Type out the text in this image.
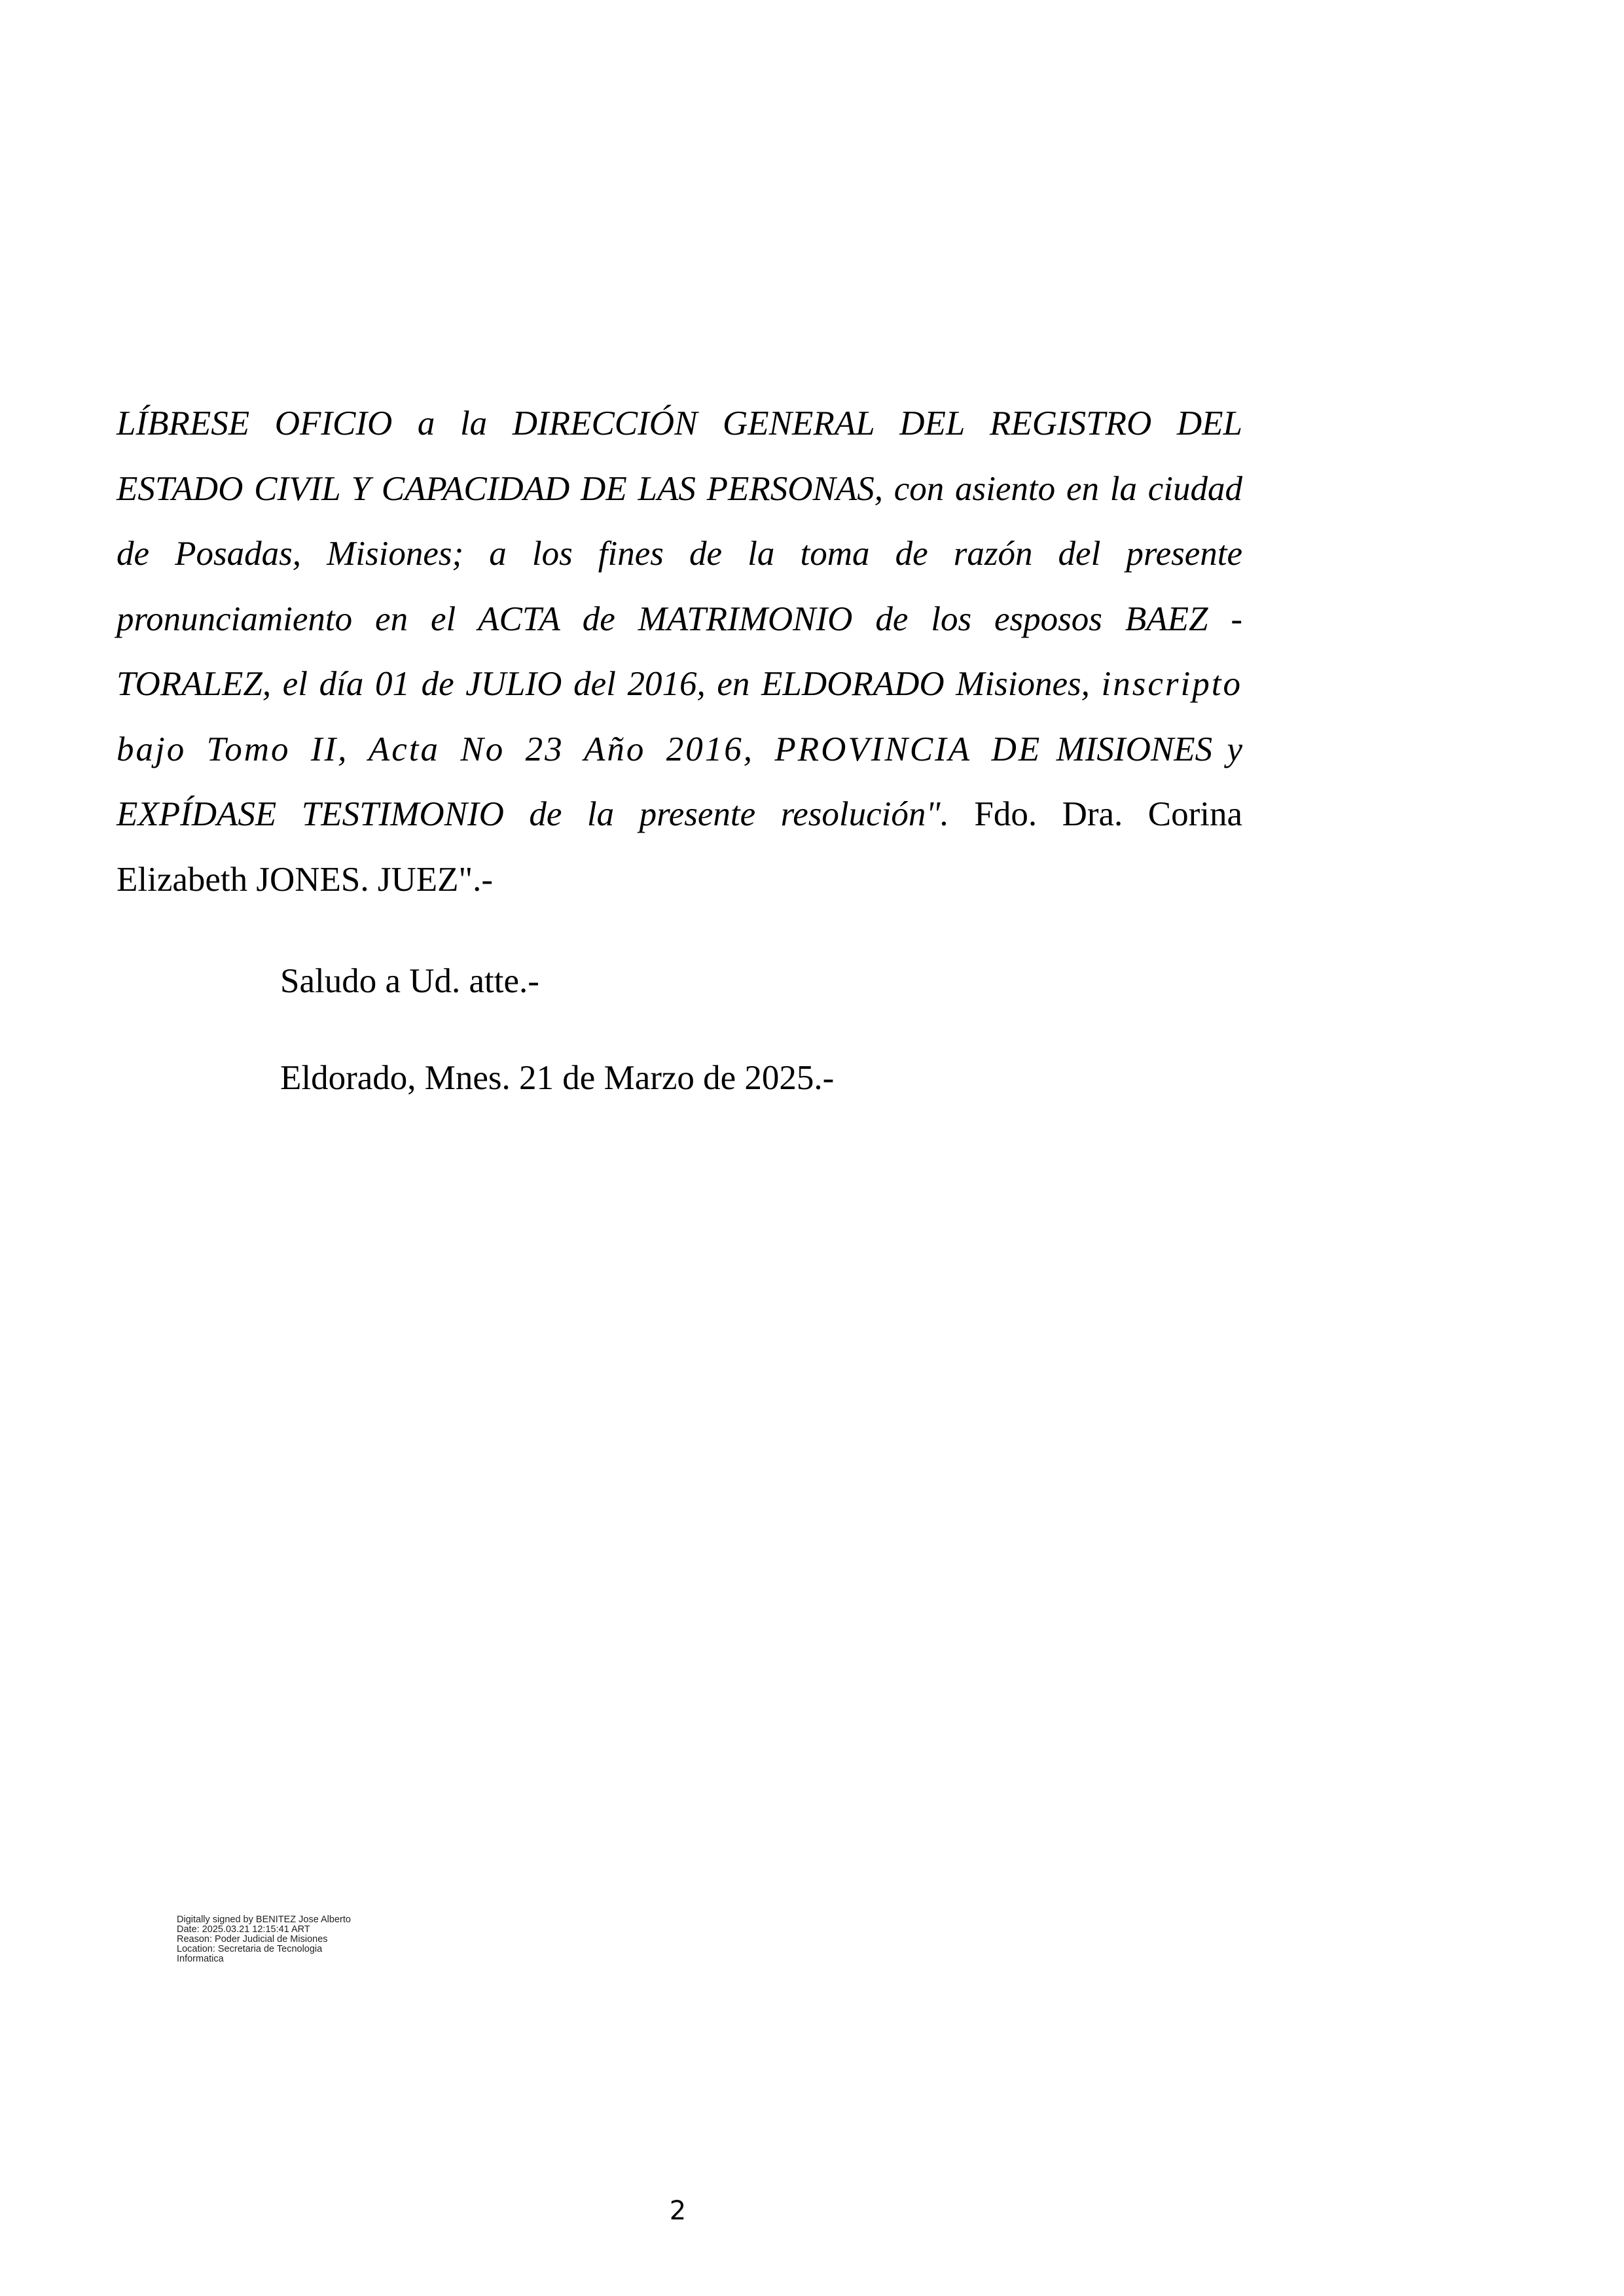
LÍBRESE OFICIO a la DIRECCIÓN GENERAL DEL REGISTRO DEL ESTADO CIVIL Y CAPACIDAD DE LAS PERSONAS, con asiento en la ciudad de Posadas, Misiones; a los fines de la toma de razón del presente pronunciamiento en el ACTA de MATRIMONIO de los esposos BAEZ - TORALEZ, el día 01 de JULIO del 2016, en ELDORADO Misiones, inscripto bajo Tomo II, Acta No 23 Año 2016, PROVINCIA DE MISIONES y EXPÍDASE TESTIMONIO de la presente resolución". Fdo. Dra. Corina Elizabeth JONES. JUEZ".-

Saludo a Ud. atte.-

Eldorado, Mnes. 21 de Marzo de 2025.-

Digitally signed by BENITEZ Jose Alberto
Date: 2025.03.21 12:15:41 ART
Reason: Poder Judicial de Misiones
Location: Secretaria de Tecnologia
Informatica
2
